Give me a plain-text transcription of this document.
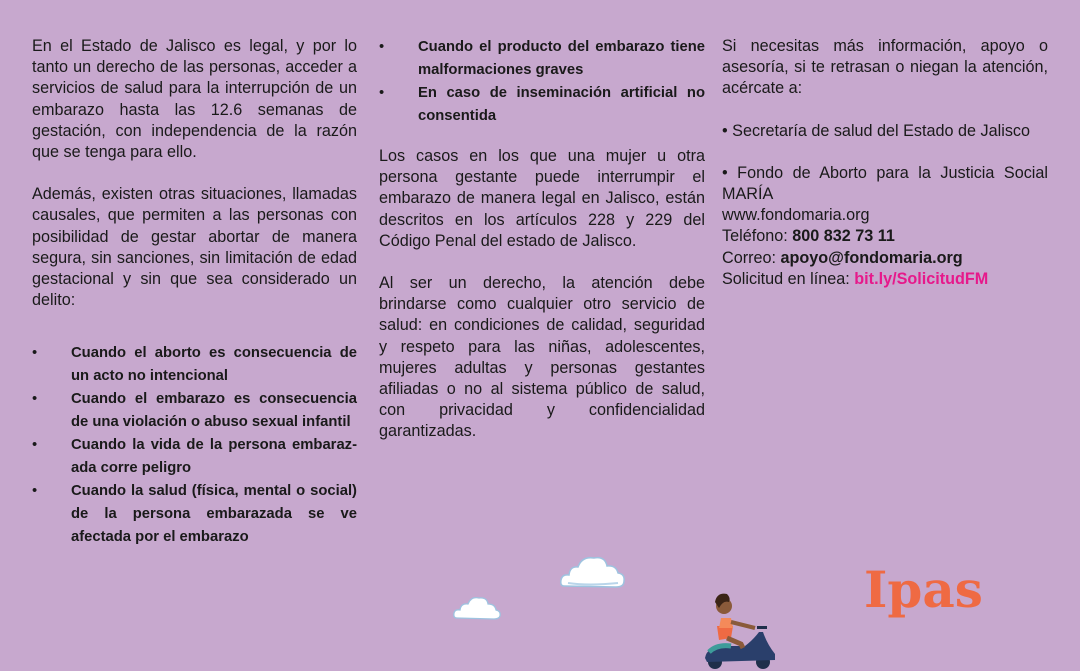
En el Estado de Jalisco es legal, y por lo tanto un derecho de las personas, acceder a servicios de salud para la interrupción de un embarazo hasta las 12.6 semanas de gestación, con independencia de la razón que se tenga para ello.

Además, existen otras situaciones, llamadas causales, que permiten a las personas con posibilidad de gestar abortar de manera segura, sin sanciones, sin limitación de edad gestacional y sin que sea considerado un delito:

• Cuando el aborto es consecuencia de un acto no intencional
• Cuando el embarazo es consecuencia de una violación o abuso sexual infantil
• Cuando la vida de la persona embaraz-ada corre peligro
• Cuando la salud (física, mental o social) de la persona embarazada se ve afectada por el embarazo
• Cuando el producto del embarazo tiene malformaciones graves
• En caso de inseminación artificial no consentida

Los casos en los que una mujer u otra persona gestante puede interrumpir el embarazo de manera legal en Jalisco, están descritos en los artículos 228 y 229 del Código Penal del estado de Jalisco.

Al ser un derecho, la atención debe brindarse como cualquier otro servicio de salud: en condiciones de calidad, seguridad y respeto para las niñas, adolescentes, mujeres adultas y personas gestantes afiliadas o no al sistema público de salud, con privacidad y confidencialidad garantizadas.

Si necesitas más información, apoyo o asesoría, si te retrasan o niegan la atención, acércate a:

• Secretaría de salud del Estado de Jalisco

• Fondo de Aborto para la Justicia Social MARÍA

www.fondomaria.org

Teléfono: 800 832 73 11

Correo: apoyo@fondomaria.org

Solicitud en línea: bit.ly/SolicitudFM

Ipas
